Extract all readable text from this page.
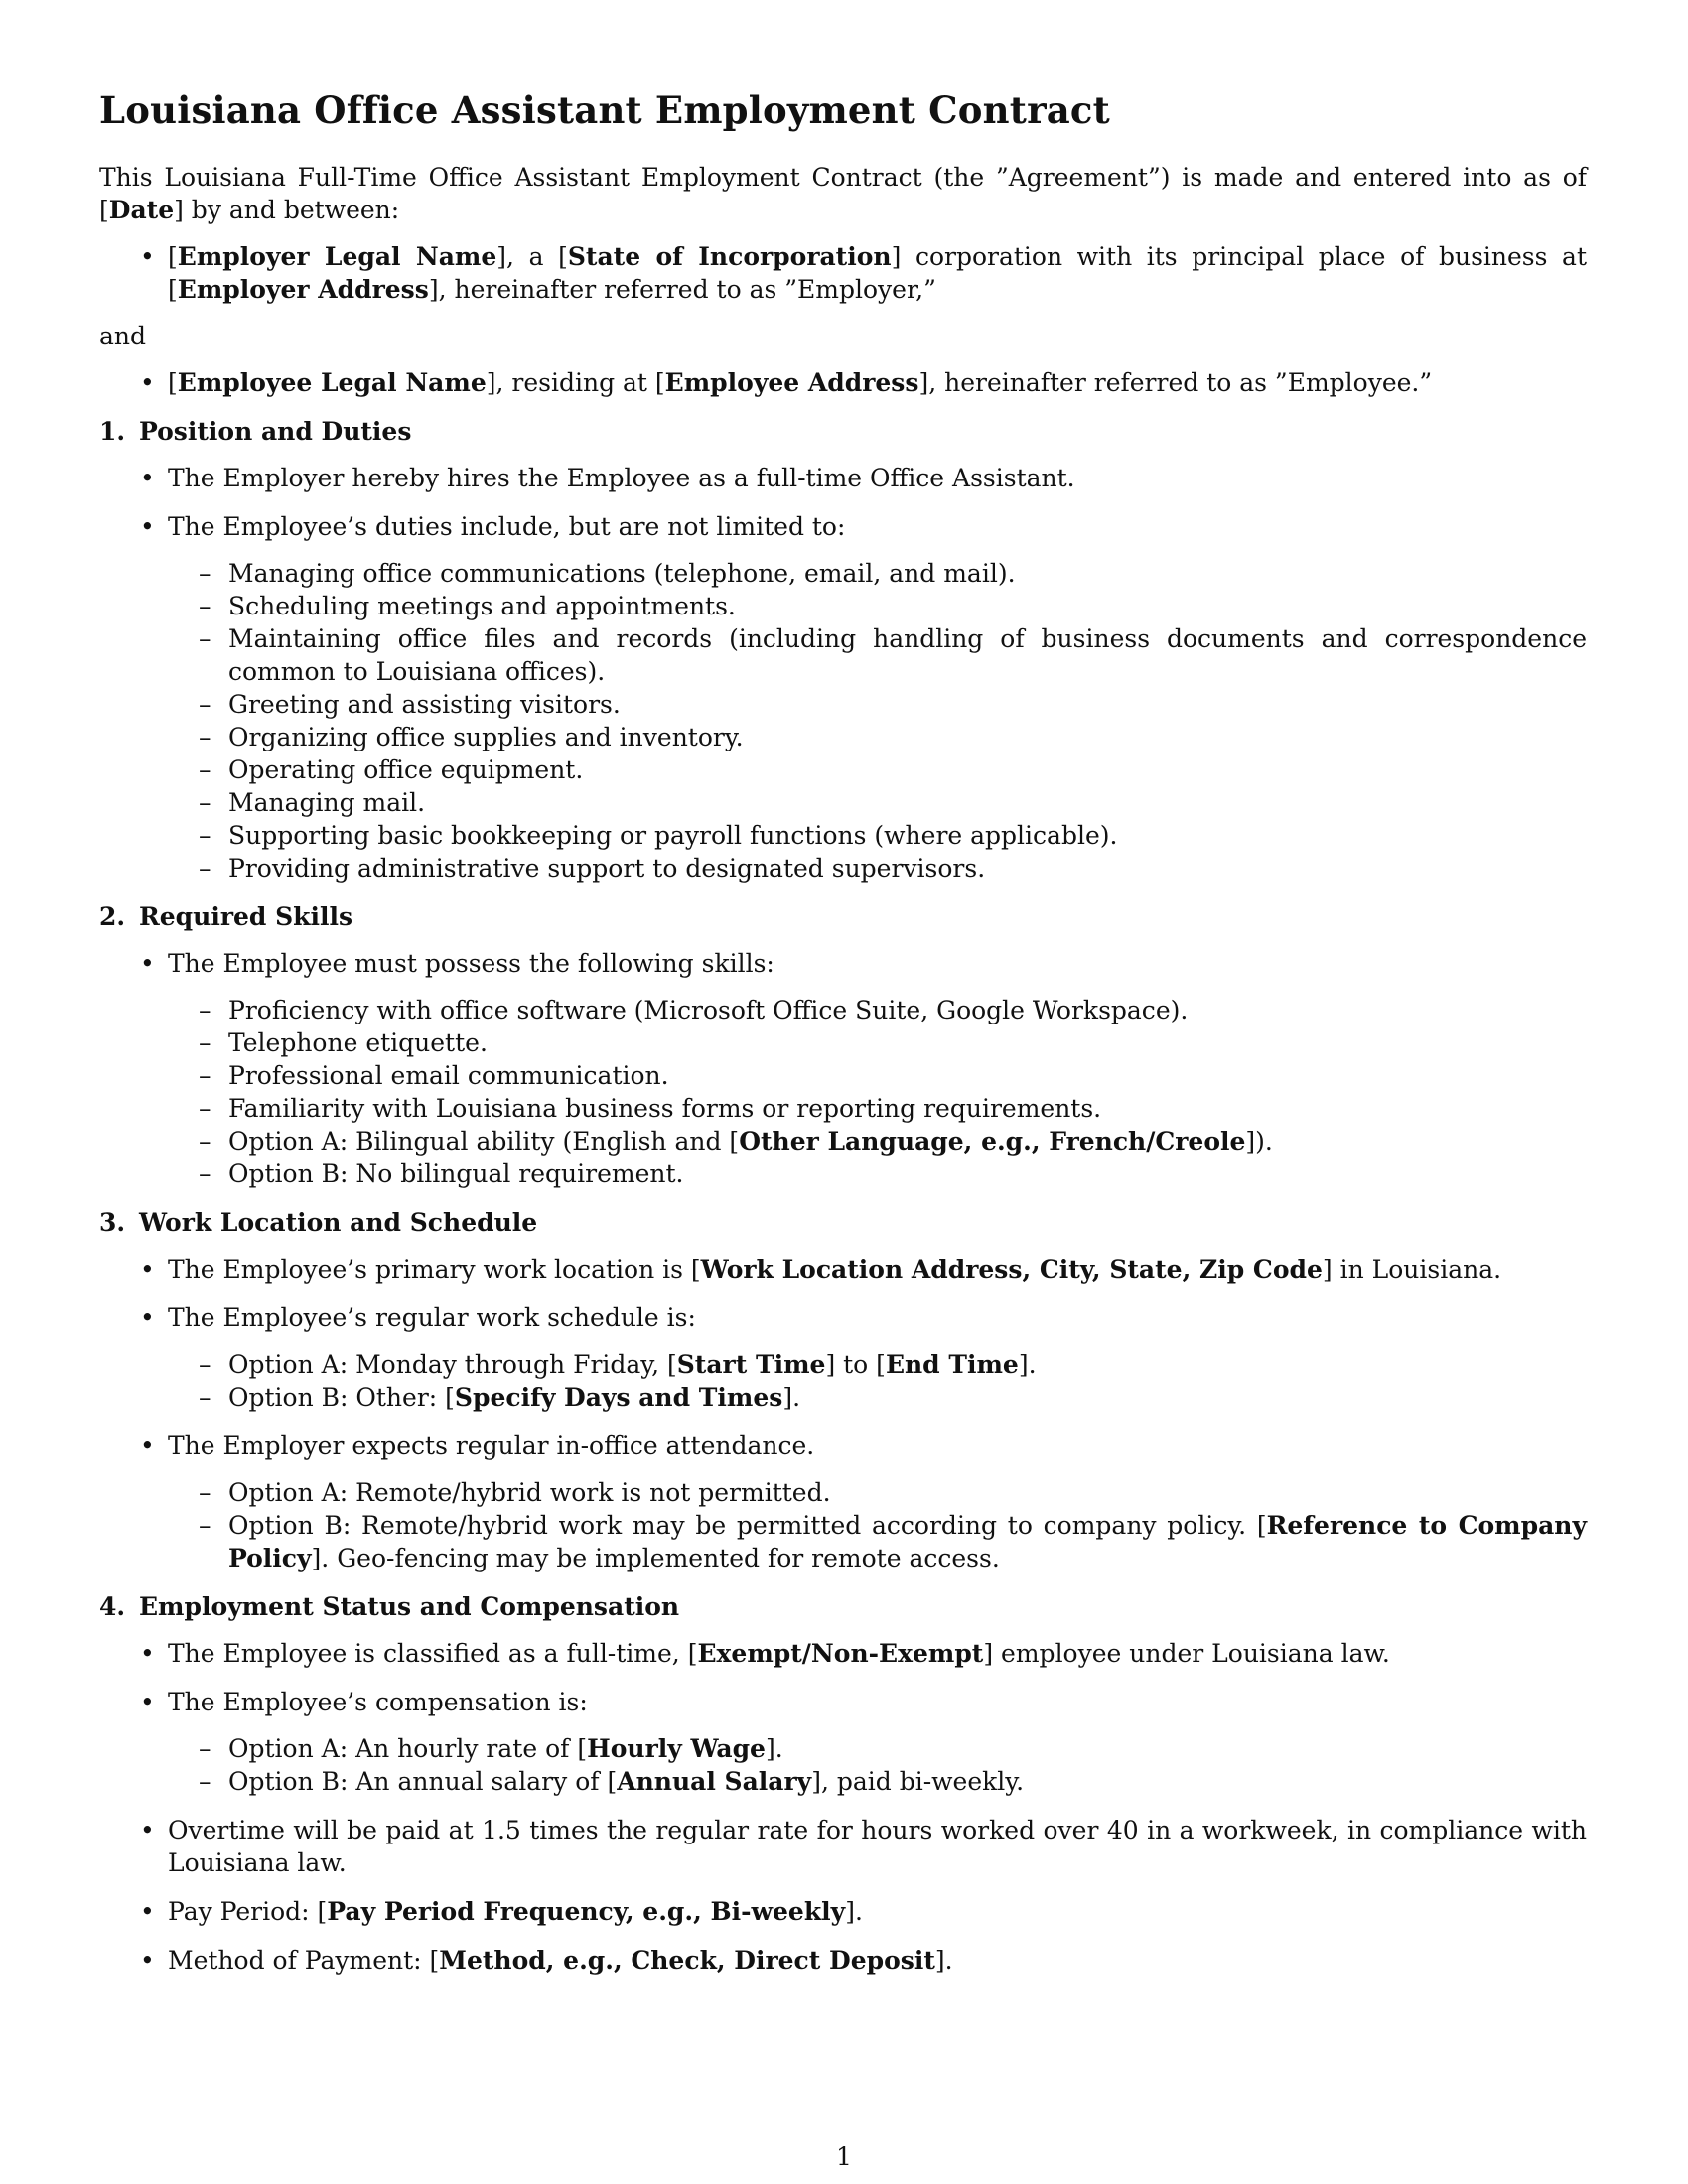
Louisiana Office Assistant Employment Contract

This Louisiana Full-Time Office Assistant Employment Contract (the ”Agreement”) is made and entered into as of [Date] by and between:

• [Employer Legal Name], a [State of Incorporation] corporation with its principal place of business at [Employer Address], hereinafter referred to as ”Employer,”

and

• [Employee Legal Name], residing at [Employee Address], hereinafter referred to as ”Employee.”
1. Position and Duties
• The Employer hereby hires the Employee as a full-time Office Assistant.
• The Employee’s duties include, but are not limited to:
– Managing office communications (telephone, email, and mail).
– Scheduling meetings and appointments.
– Maintaining office files and records (including handling of business documents and correspondence common to Louisiana offices).
– Greeting and assisting visitors.
– Organizing office supplies and inventory.
– Operating office equipment.
– Managing mail.
– Supporting basic bookkeeping or payroll functions (where applicable).
– Providing administrative support to designated supervisors.
2. Required Skills
• The Employee must possess the following skills:
– Proficiency with office software (Microsoft Office Suite, Google Workspace).
– Telephone etiquette.
– Professional email communication.
– Familiarity with Louisiana business forms or reporting requirements.
– Option A: Bilingual ability (English and [Other Language, e.g., French/Creole]).
– Option B: No bilingual requirement.
3. Work Location and Schedule
• The Employee’s primary work location is [Work Location Address, City, State, Zip Code] in Louisiana.
• The Employee’s regular work schedule is:
– Option A: Monday through Friday, [Start Time] to [End Time].
– Option B: Other: [Specify Days and Times].
• The Employer expects regular in-office attendance.
– Option A: Remote/hybrid work is not permitted.
– Option B: Remote/hybrid work may be permitted according to company policy. [Reference to Company Policy]. Geo-fencing may be implemented for remote access.
4. Employment Status and Compensation
• The Employee is classified as a full-time, [Exempt/Non-Exempt] employee under Louisiana law.
• The Employee’s compensation is:
– Option A: An hourly rate of [Hourly Wage].
– Option B: An annual salary of [Annual Salary], paid bi-weekly.
• Overtime will be paid at 1.5 times the regular rate for hours worked over 40 in a workweek, in compliance with Louisiana law.
• Pay Period: [Pay Period Frequency, e.g., Bi-weekly].
• Method of Payment: [Method, e.g., Check, Direct Deposit].
1
